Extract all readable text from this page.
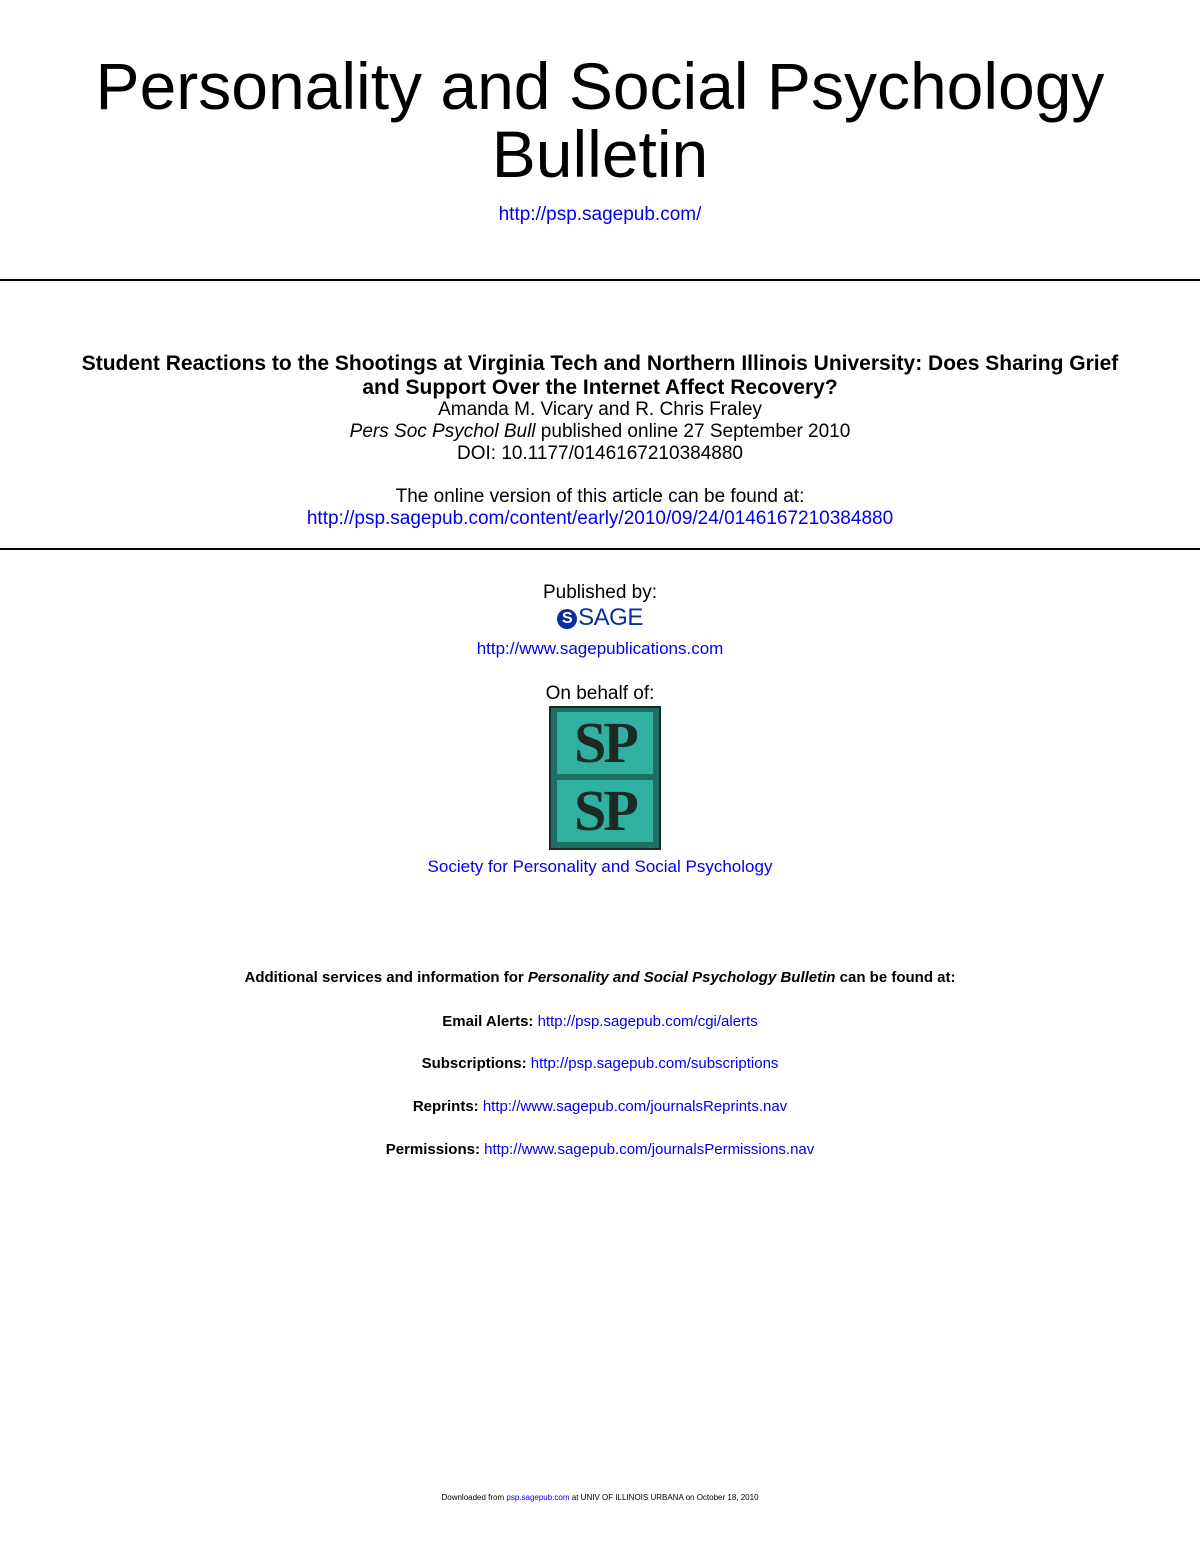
Personality and Social Psychology
Bulletin
http://psp.sagepub.com/
Student Reactions to the Shootings at Virginia Tech and Northern Illinois University: Does Sharing Grief
and Support Over the Internet Affect Recovery?
Amanda M. Vicary and R. Chris Fraley
Pers Soc Psychol Bull published online 27 September 2010
DOI: 10.1177/0146167210384880
The online version of this article can be found at:
http://psp.sagepub.com/content/early/2010/09/24/0146167210384880
Published by:
S SAGE
http://www.sagepublications.com
On behalf of:
SP
SP
Society for Personality and Social Psychology
Additional services and information for Personality and Social Psychology Bulletin can be found at:
Email Alerts: http://psp.sagepub.com/cgi/alerts
Subscriptions: http://psp.sagepub.com/subscriptions
Reprints: http://www.sagepub.com/journalsReprints.nav
Permissions: http://www.sagepub.com/journalsPermissions.nav
Downloaded from psp.sagepub.com at UNIV OF ILLINOIS URBANA on October 18, 2010
